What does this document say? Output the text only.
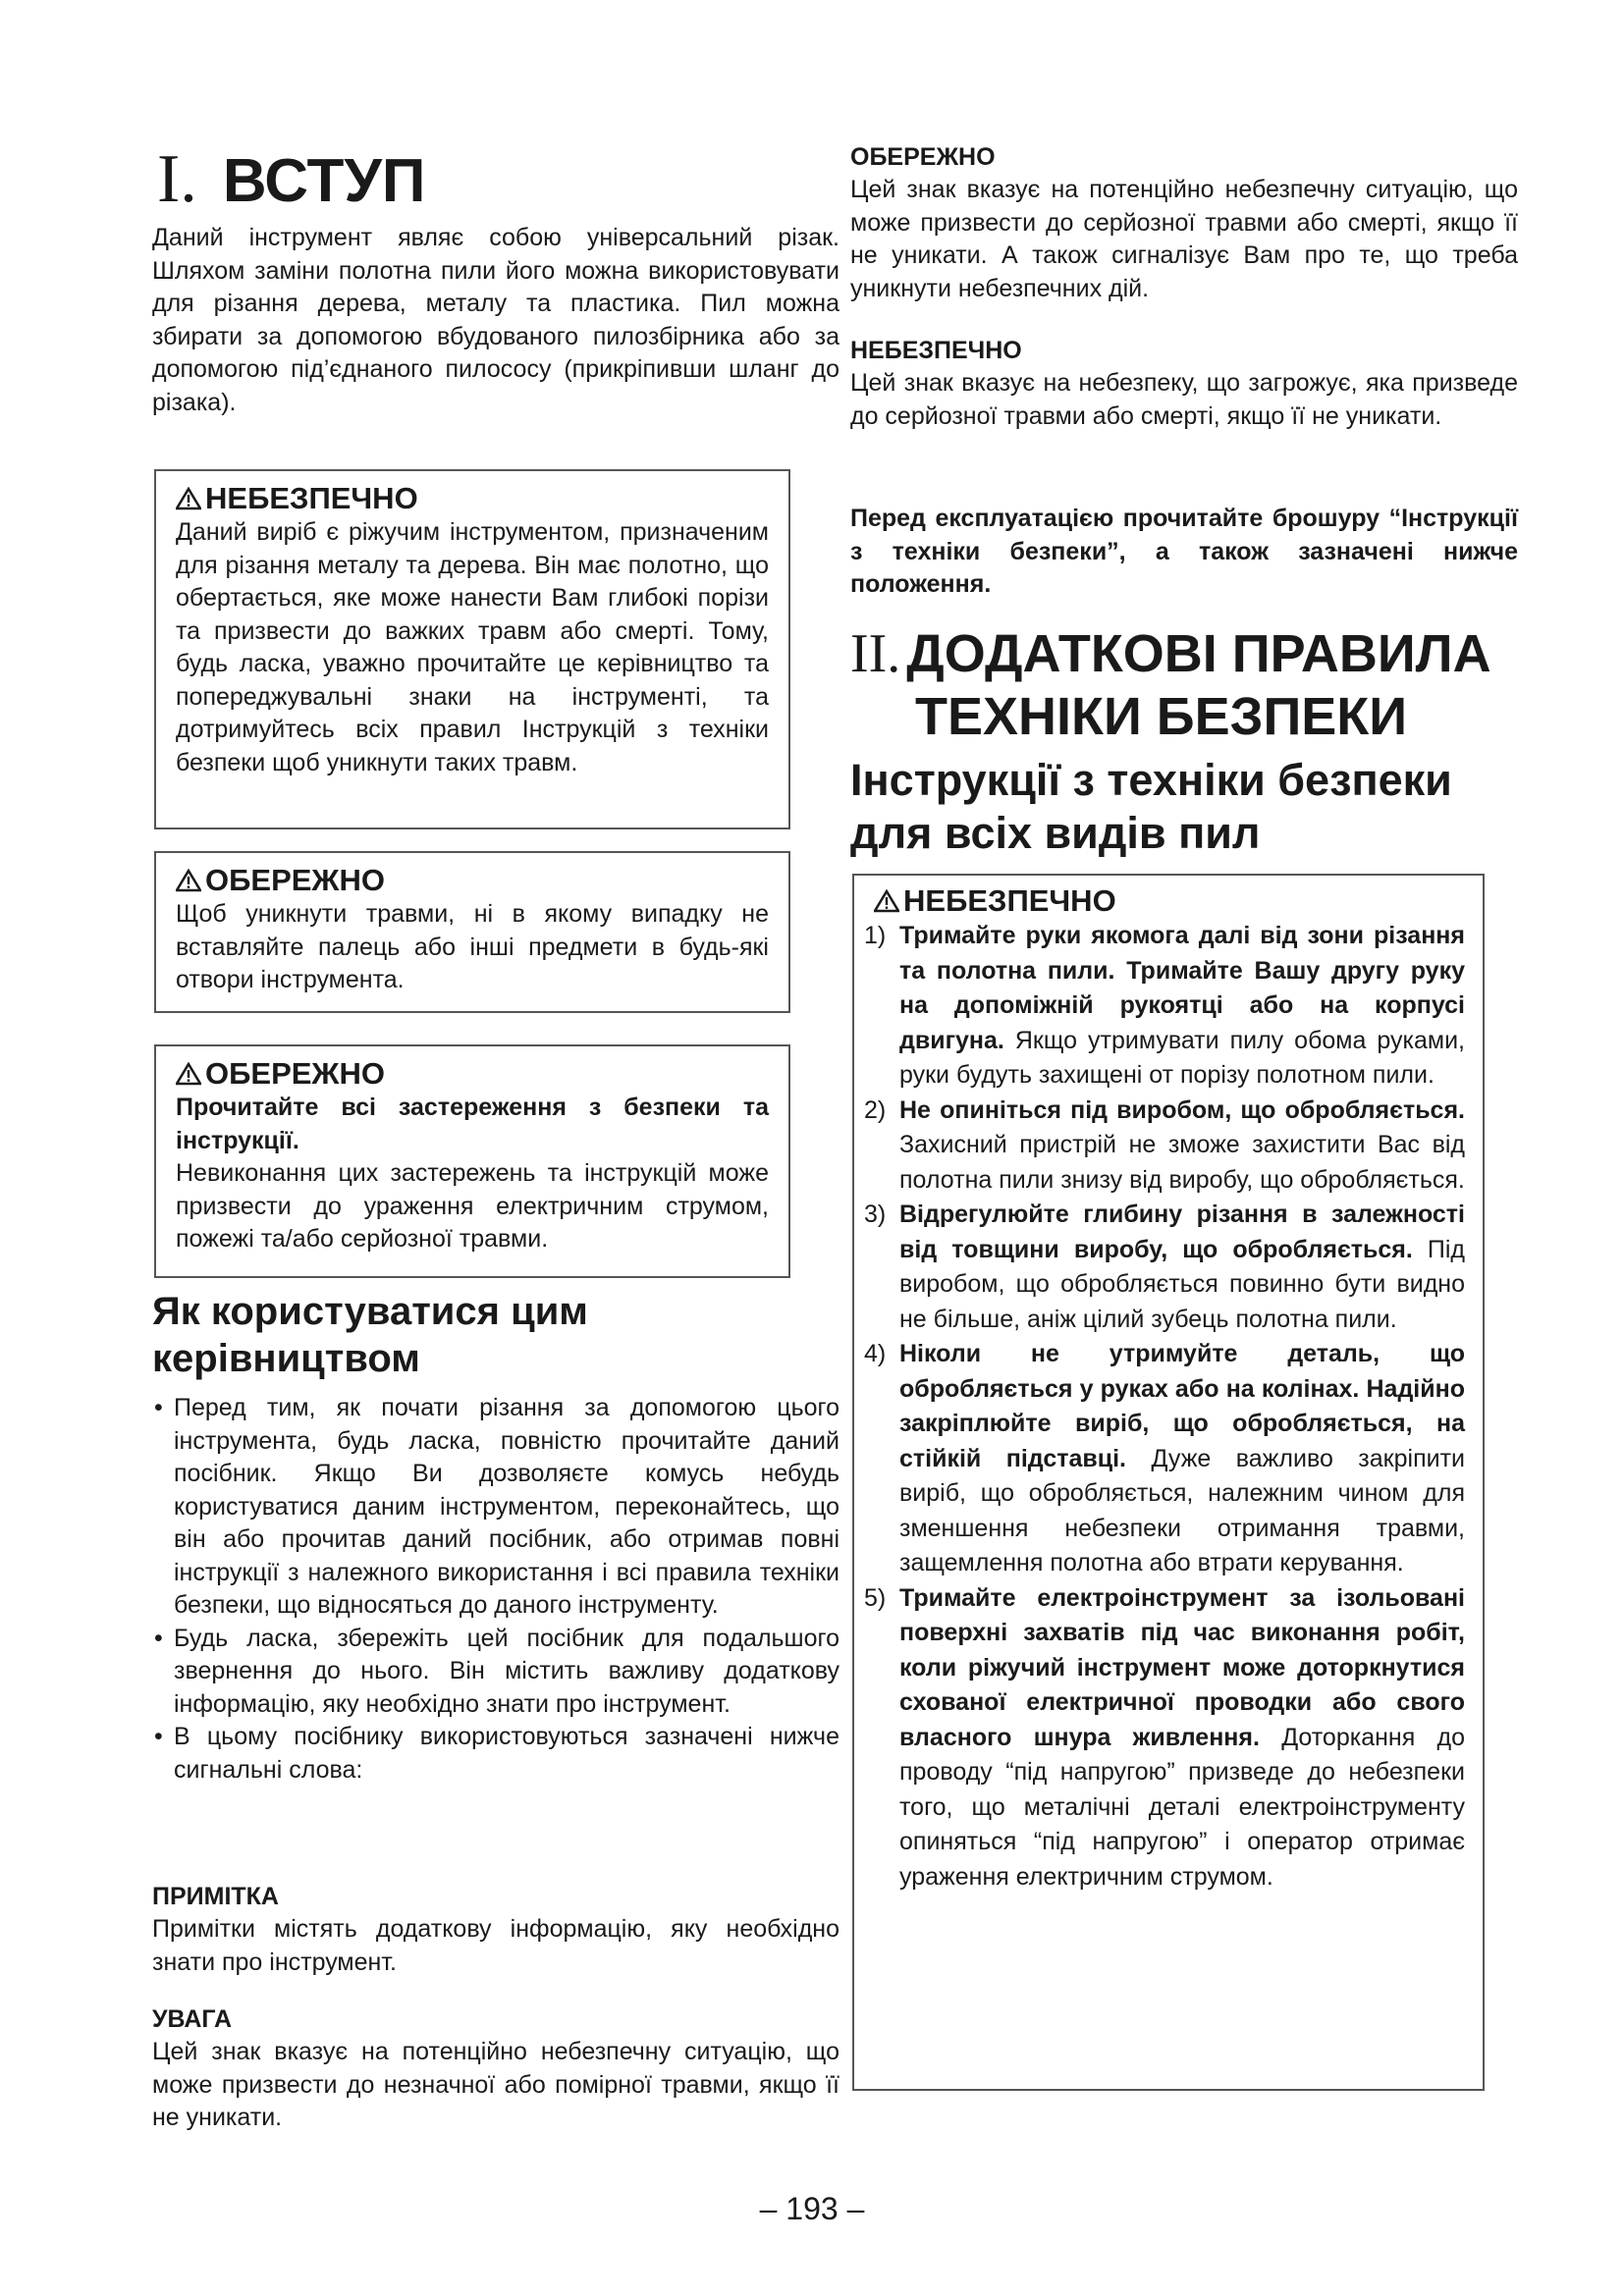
I. ВСТУП

Даний інструмент являє собою універсальний різак. Шляхом заміни полотна пили його можна використовувати для різання дерева, металу та пластика. Пил можна збирати за допомогою вбудованого пилозбірника або за допомогою під’єднаного пилососу (прикріпивши шланг до різака).

НЕБЕЗПЕЧНО

Даний виріб є ріжучим інструментом, призначеним для різання металу та дерева. Він має полотно, що обертається, яке може нанести Вам глибокі порізи та призвести до важких травм або смерті. Тому, будь ласка, уважно прочитайте це керівництво та попереджувальні знаки на інструменті, та дотримуйтесь всіх правил Інструкцій з техніки безпеки щоб уникнути таких травм.

ОБЕРЕЖНО

Щоб уникнути травми, ні в якому випадку не вставляйте палець або інші предмети в будь-які отвори інструмента.

ОБЕРЕЖНО

Прочитайте всі застереження з безпеки та інструкції.

Невиконання цих застережень та інструкцій може призвести до ураження електричним струмом, пожежі та/або серйозної травми.

Як користуватися цим керівництвом
• Перед тим, як почати різання за допомогою цього інструмента, будь ласка, повністю прочитайте даний посібник. Якщо Ви дозволяєте комусь небудь користуватися даним інструментом, переконайтесь, що він або прочитав даний посібник, або отримав повні інструкції з належного використання і всі правила техніки безпеки, що відносяться до даного інструменту.
• Будь ласка, збережіть цей посібник для подальшого звернення до нього. Він містить важливу додаткову інформацію, яку необхідно знати про інструмент.
• В цьому посібнику використовуються зазначені нижче сигнальні слова:

ПРИМІТКА

Примітки містять додаткову інформацію, яку необхідно знати про інструмент.

УВАГА

Цей знак вказує на потенційно небезпечну ситуацію, що може призвести до незначної або помірної травми, якщо її не уникати.

ОБЕРЕЖНО

Цей знак вказує на потенційно небезпечну ситуацію, що може призвести до серйозної травми або смерті, якщо її не уникати. А також сигналізує Вам про те, що треба уникнути небезпечних дій.

НЕБЕЗПЕЧНО

Цей знак вказує на небезпеку, що загрожує, яка призведе до серйозної травми або смерті, якщо її не уникати.

Перед експлуатацією прочитайте брошуру “Інструкції з техніки безпеки”, а також зазначені нижче положення.

II. ДОДАТКОВІ ПРАВИЛА
ТЕХНІКИ БЕЗПЕКИ
Інструкції з техніки безпеки для всіх видів пил
НЕБЕЗПЕЧНО
1) Тримайте руки якомога далі від зони різання та полотна пили. Тримайте Вашу другу руку на допоміжній рукоятці або на корпусі двигуна. Якщо утримувати пилу обома руками, руки будуть захищені от порізу полотном пили.
2) Не опиніться під виробом, що обробляється. Захисний пристрій не зможе захистити Вас від полотна пили знизу від виробу, що обробляється.
3) Відрегулюйте глибину різання в залежності від товщини виробу, що обробляється. Під виробом, що обробляється повинно бути видно не більше, аніж цілий зубець полотна пили.
4) Ніколи не утримуйте деталь, що обробляється у руках або на колінах. Надійно закріплюйте виріб, що обробляється, на стійкій підставці. Дуже важливо закріпити виріб, що обробляється, належним чином для зменшення небезпеки отримання травми, защемлення полотна або втрати керування.
5) Тримайте електроінструмент за ізольовані поверхні захватів під час виконання робіт, коли ріжучий інструмент може доторкнутися схованої електричної проводки або свого власного шнура живлення. Доторкання до проводу “під напругою” призведе до небезпеки того, що металічні деталі електроінструменту опиняться “під напругою” і оператор отримає ураження електричним струмом.
– 193 –
